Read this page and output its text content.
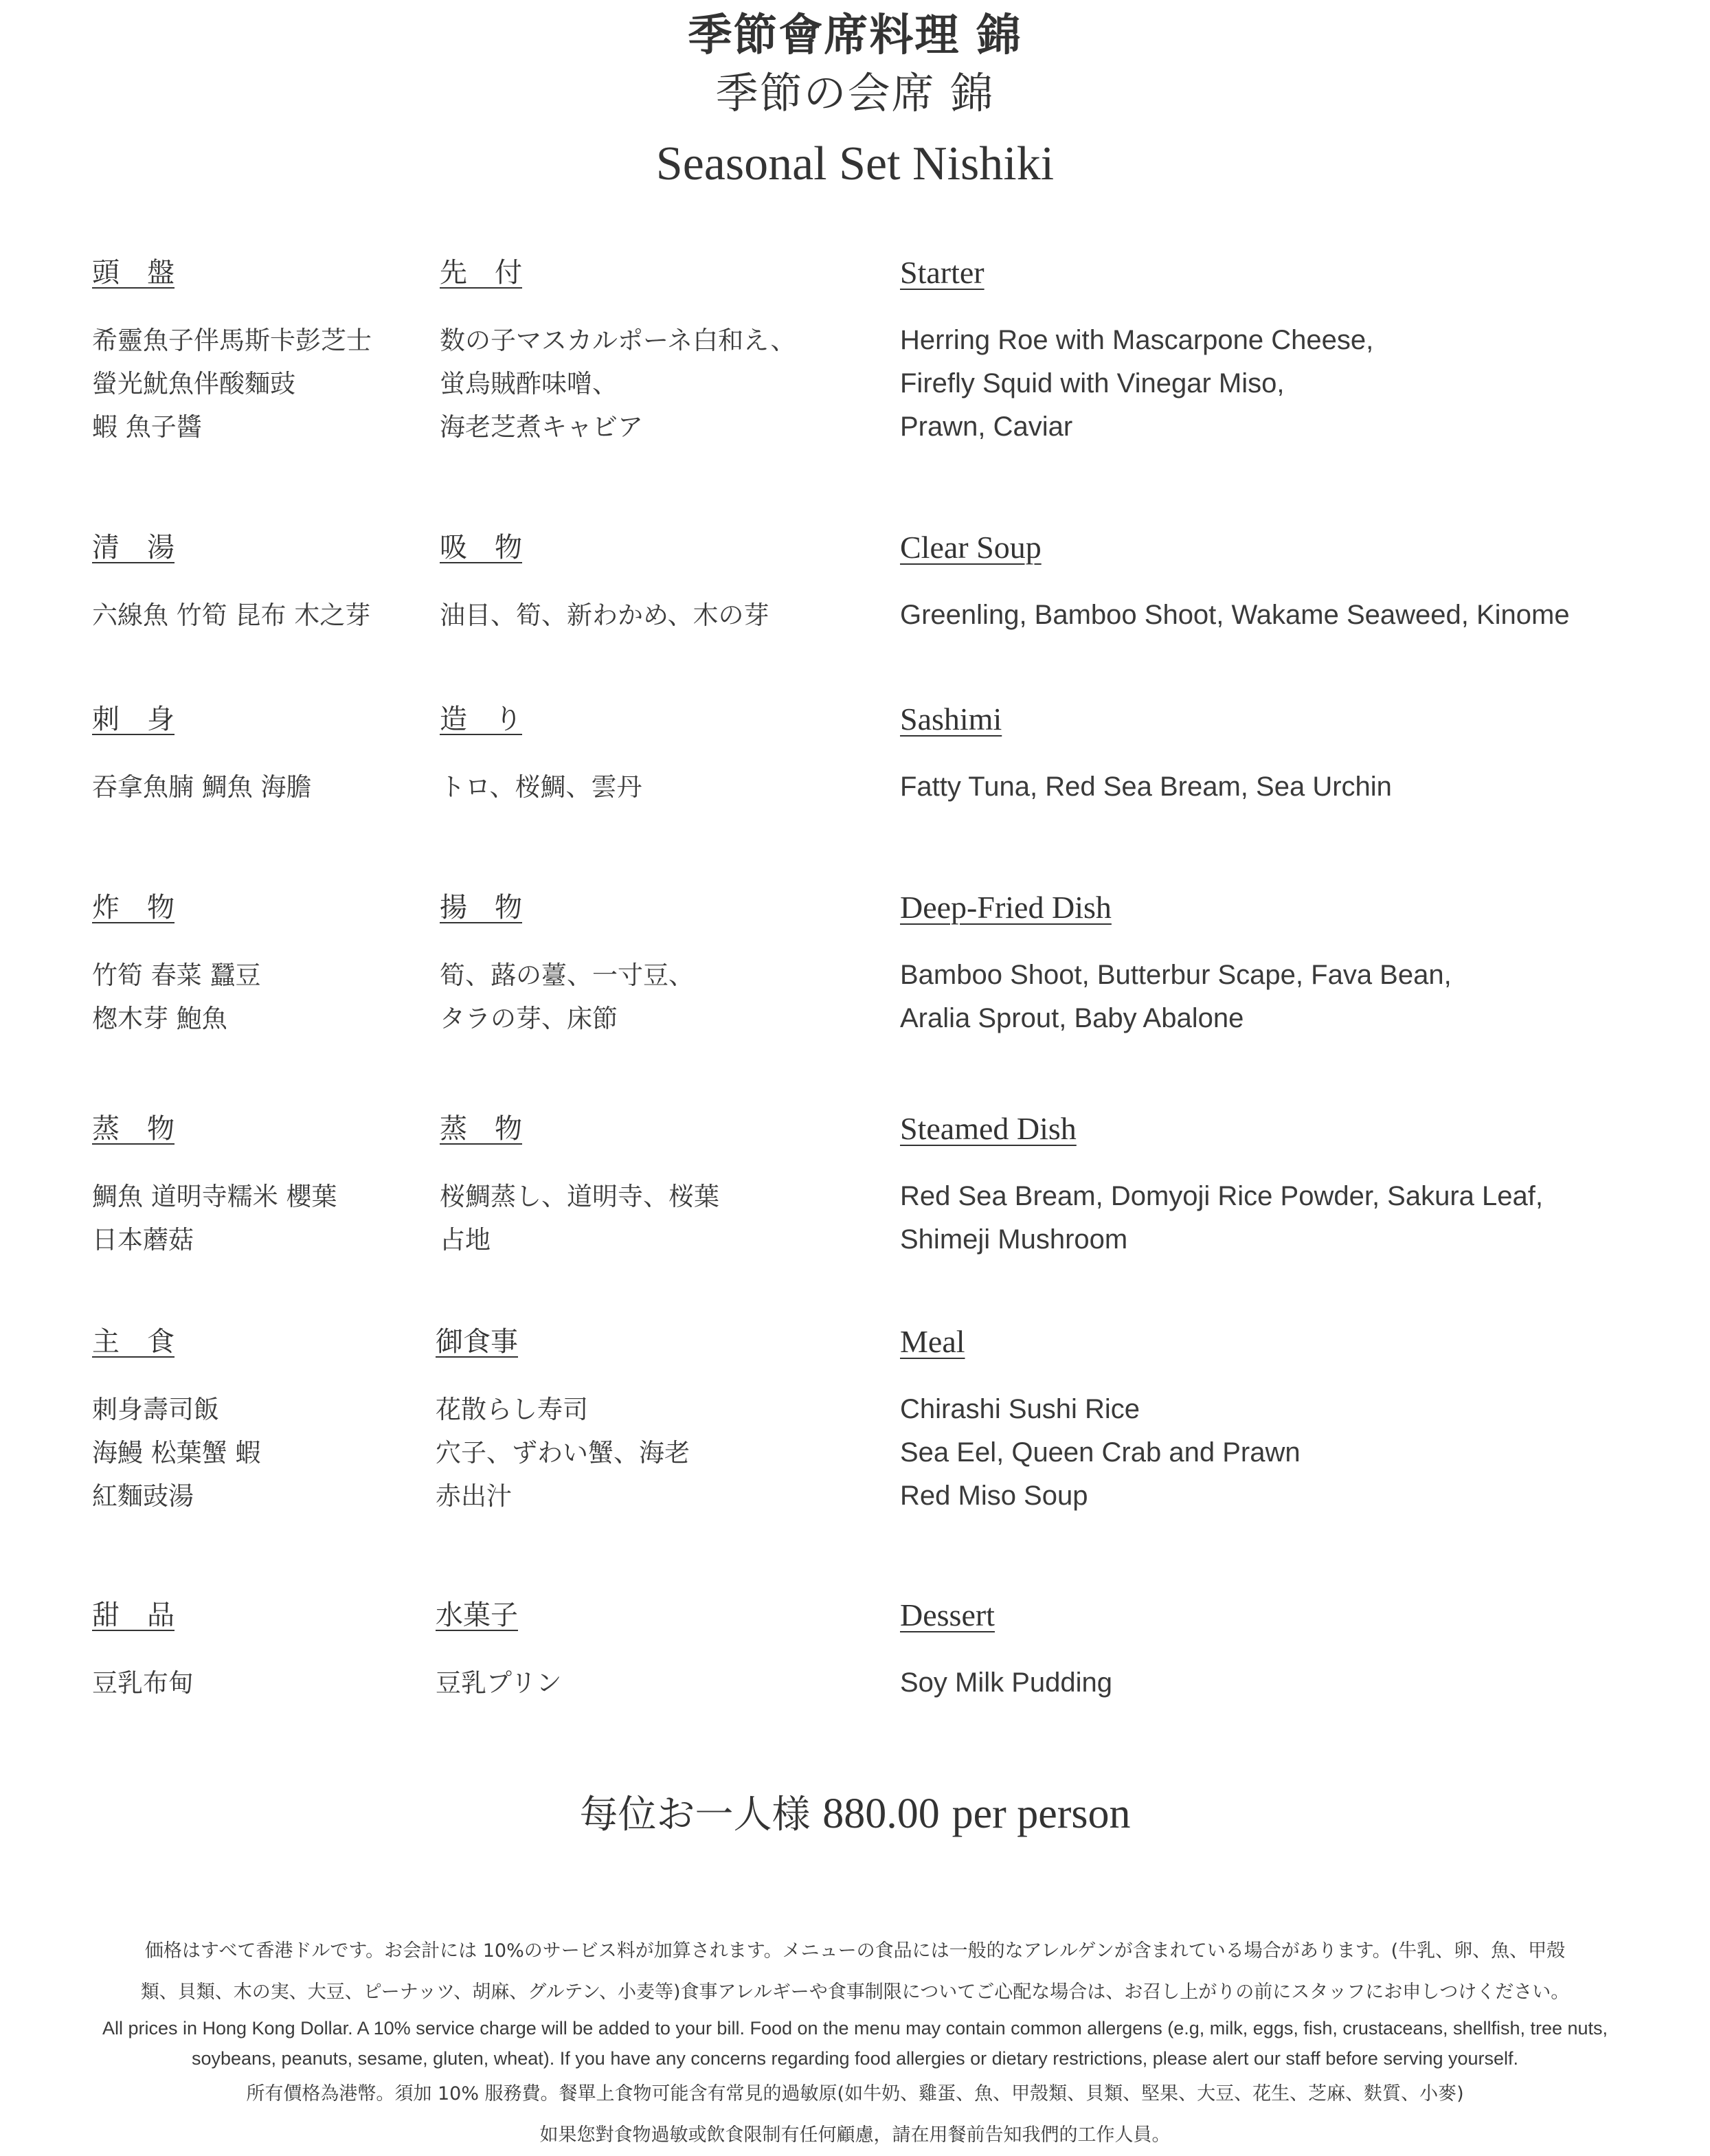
季節會席料理 錦
季節の会席 錦
Seasonal Set Nishiki
頭　盤
希靈魚子伴馬斯卡彭芝士
螢光魷魚伴酸麵豉
蝦 魚子醬
先　付
数の子マスカルポーネ白和え、
蛍烏賊酢味噌、
海老芝煮キャビア
Starter
Herring Roe with Mascarpone Cheese,
Firefly Squid with Vinegar Miso,
Prawn, Caviar
清　湯
六線魚 竹筍 昆布 木之芽
吸　物
油目、筍、新わかめ、木の芽
Clear Soup
Greenling, Bamboo Shoot, Wakame Seaweed, Kinome
刺　身
吞拿魚腩 鯛魚 海膽
造　り
トロ、桜鯛、雲丹
Sashimi
Fatty Tuna, Red Sea Bream, Sea Urchin
炸　物
竹筍 春菜 蠶豆
楤木芽 鮑魚
揚　物
筍、蕗の薹、一寸豆、
タラの芽、床節
Deep-Fried Dish
Bamboo Shoot, Butterbur Scape, Fava Bean,
Aralia Sprout, Baby Abalone
蒸　物
鯛魚 道明寺糯米 櫻葉
日本蘑菇
蒸　物
桜鯛蒸し、道明寺、桜葉
占地
Steamed Dish
Red Sea Bream, Domyoji Rice Powder, Sakura Leaf,
Shimeji Mushroom
主　食
刺身壽司飯
海鰻 松葉蟹 蝦
紅麵豉湯
御食事
花散らし寿司
穴子、ずわい蟹、海老
赤出汁
Meal
Chirashi Sushi Rice
Sea Eel, Queen Crab and Prawn
Red Miso Soup
甜　品
豆乳布甸
水菓子
豆乳プリン
Dessert
Soy Milk Pudding
每位お一人様 880.00 per person
価格はすべて香港ドルです。お会計には 10%のサービス料が加算されます。メニューの食品には一般的なアレルゲンが含まれている場合があります。(牛乳、卵、魚、甲殻
類、貝類、木の実、大豆、ピーナッツ、胡麻、グルテン、小麦等)食事アレルギーや食事制限についてご心配な場合は、お召し上がりの前にスタッフにお申しつけください。
All prices in Hong Kong Dollar. A 10% service charge will be added to your bill. Food on the menu may contain common allergens (e.g, milk, eggs, fish, crustaceans, shellfish, tree nuts,
soybeans, peanuts, sesame, gluten, wheat). If you have any concerns regarding food allergies or dietary restrictions, please alert our staff before serving yourself.
所有價格為港幣。須加 10% 服務費。餐單上食物可能含有常見的過敏原(如牛奶、雞蛋、魚、甲殼類、貝類、堅果、大豆、花生、芝麻、麩質、小麥)
如果您對食物過敏或飲食限制有任何顧慮，請在用餐前告知我們的工作人員。
